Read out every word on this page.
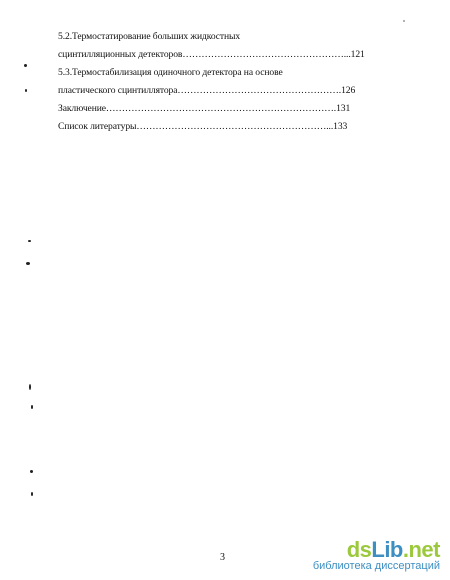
5.2.Термостатирование больших жидкостных
сцинтилляционных детекторов……………………………………………...121
5.3.Термостабилизация одиночного детектора на основе
пластического сцинтиллятора…………………………………………….126
Заключение……………………………………………………………….131
Список литературы……………………………………………………...133
3	dsLib.net
библиотека диссертаций
